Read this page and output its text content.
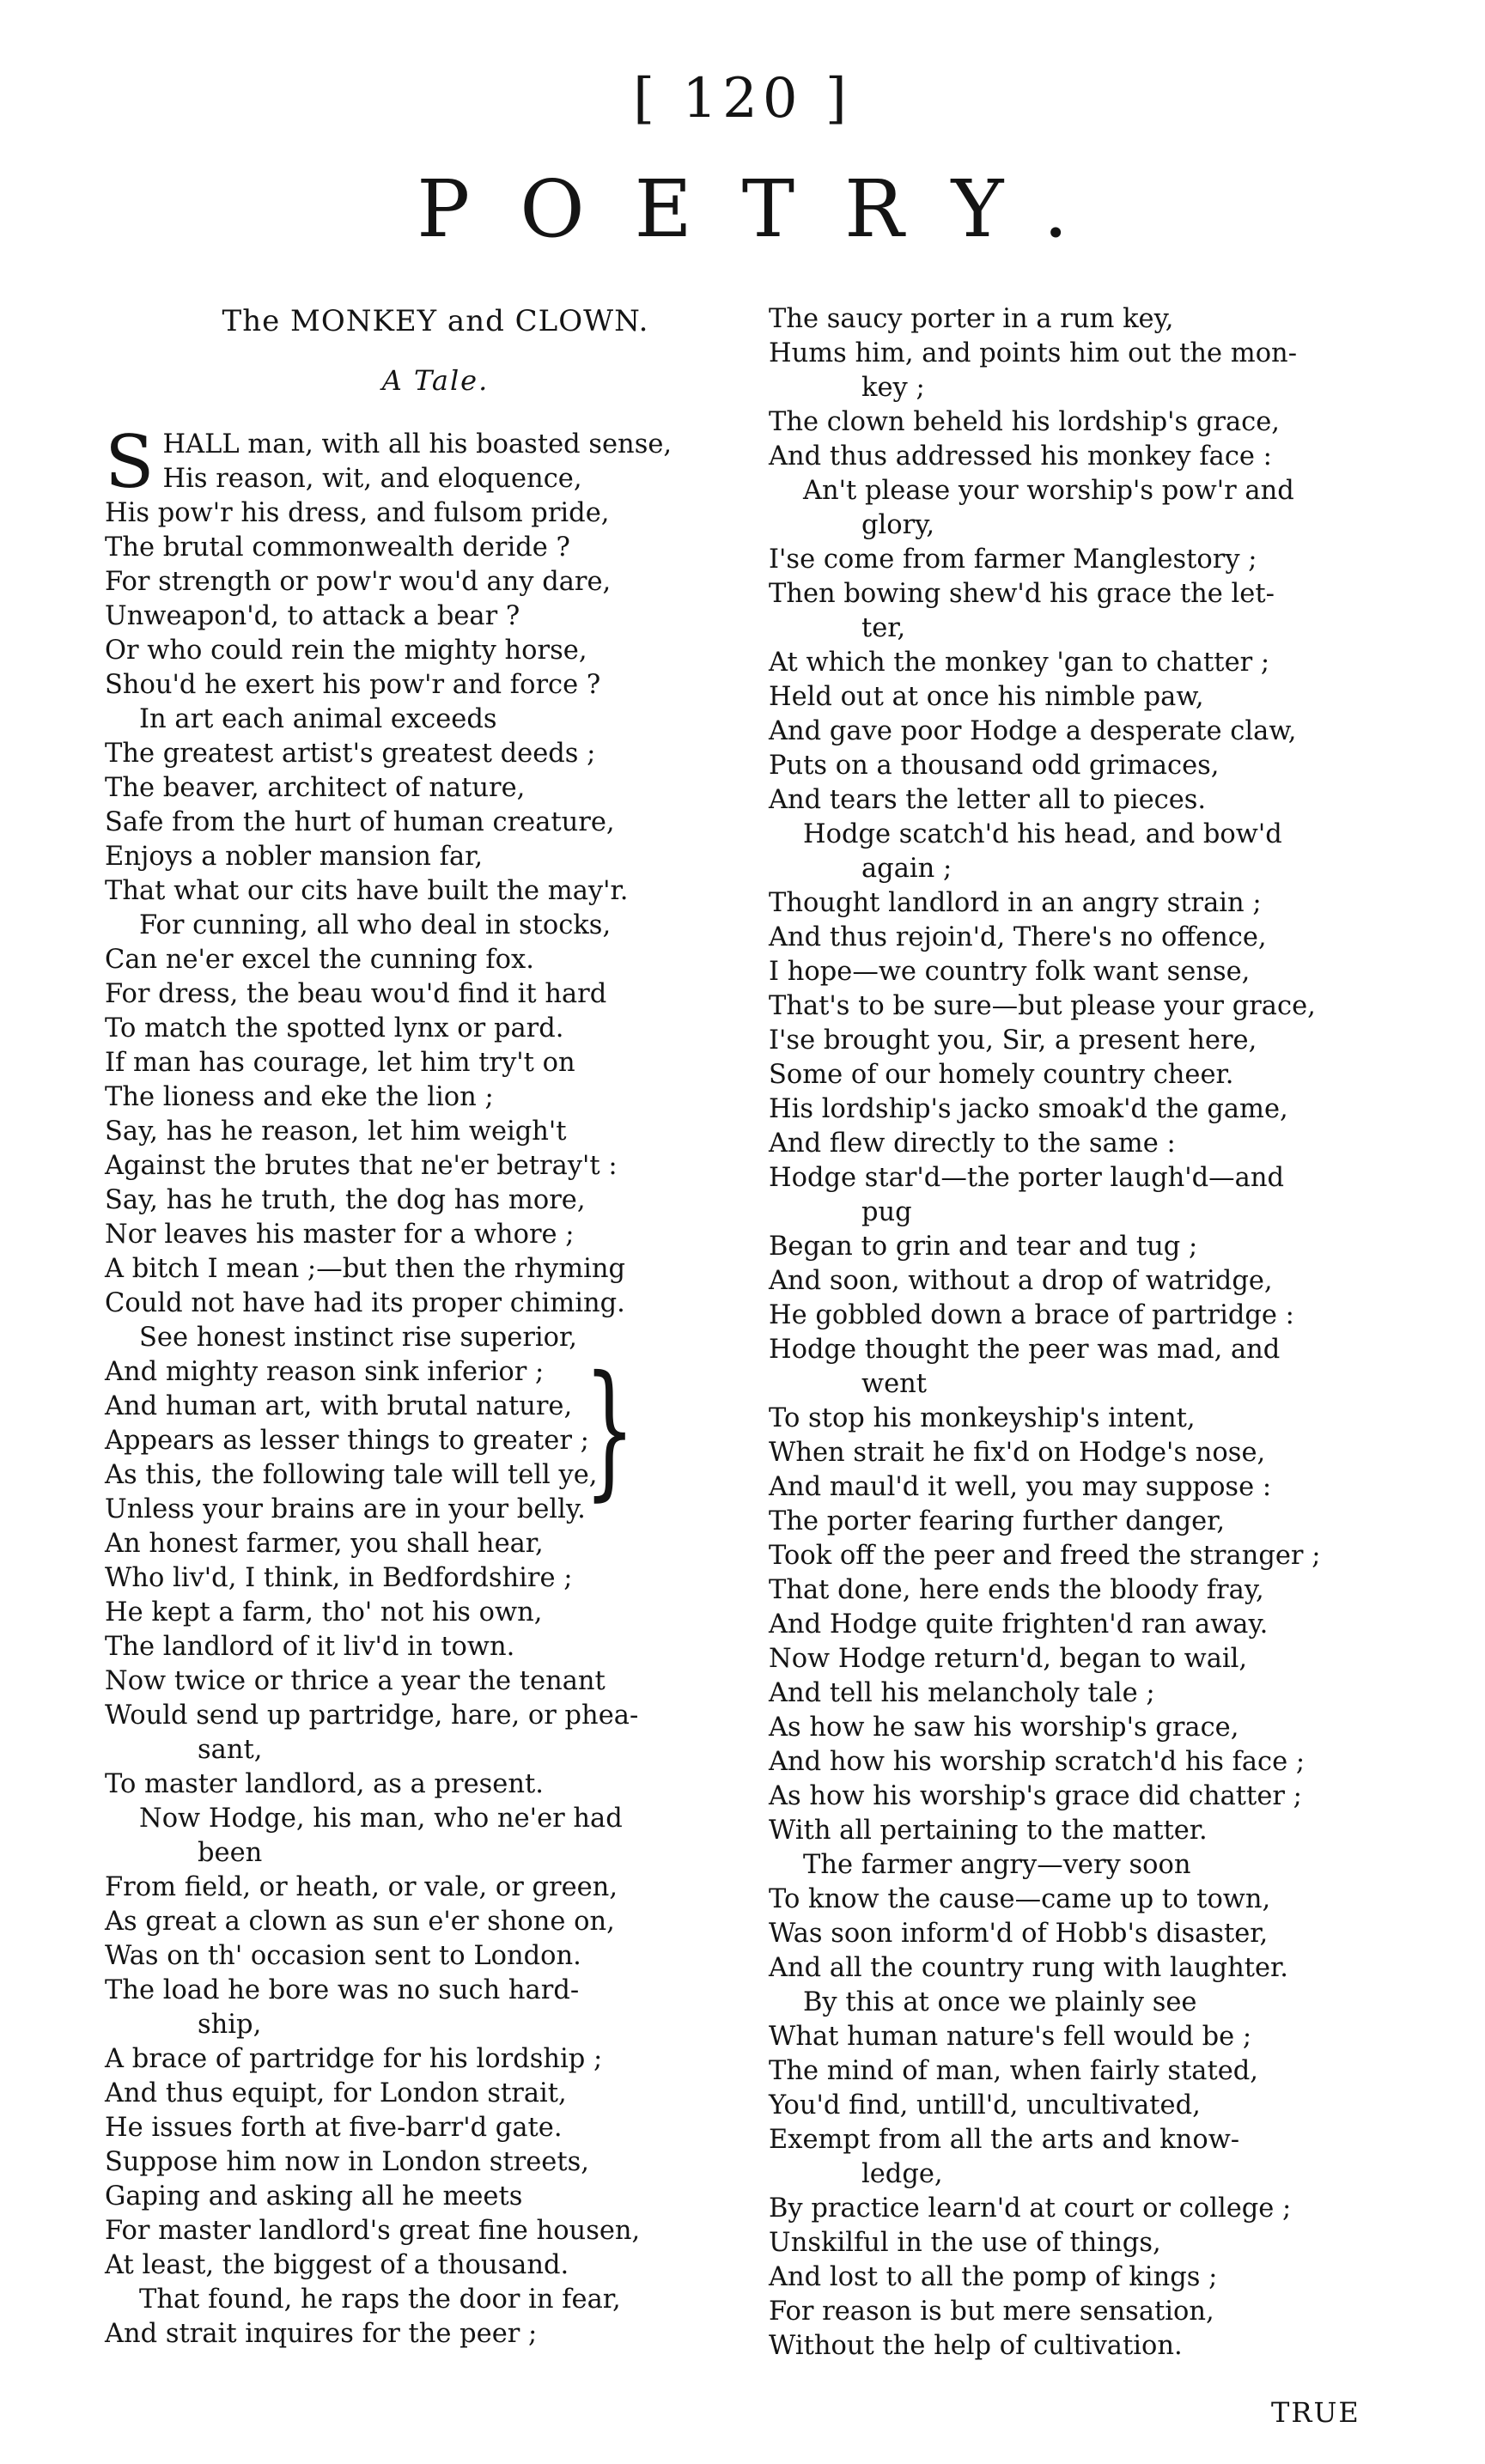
[ 120 ]
POETRY.
The MONKEY and CLOWN.
A Tale.
S HALL man, with all his boasted sense,
His reason, wit, and eloquence,
His pow'r his dress, and fulsom pride,
The brutal commonwealth deride ?
For strength or pow'r wou'd any dare,
Unweapon'd, to attack a bear ?
Or who could rein the mighty horse,
Shou'd he exert his pow'r and force ?
In art each animal exceeds
The greatest artist's greatest deeds ;
The beaver, architect of nature,
Safe from the hurt of human creature,
Enjoys a nobler mansion far,
That what our cits have built the may'r.
For cunning, all who deal in stocks,
Can ne'er excel the cunning fox.
For dress, the beau wou'd find it hard
To match the spotted lynx or pard.
If man has courage, let him try't on
The lioness and eke the lion ;
Say, has he reason, let him weigh't
Against the brutes that ne'er betray't :
Say, has he truth, the dog has more,
Nor leaves his master for a whore ;
A bitch I mean ;—but then the rhyming
Could not have had its proper chiming.
See honest instinct rise superior,
And mighty reason sink inferior ;
And human art, with brutal nature,
Appears as lesser things to greater ;
As this, the following tale will tell ye,
Unless your brains are in your belly.
An honest farmer, you shall hear,
Who liv'd, I think, in Bedfordshire ;
He kept a farm, tho' not his own,
The landlord of it liv'd in town.
Now twice or thrice a year the tenant
Would send up partridge, hare, or phea-
sant,
To master landlord, as a present.
Now Hodge, his man, who ne'er had
been
From field, or heath, or vale, or green,
As great a clown as sun e'er shone on,
Was on th' occasion sent to London.
The load he bore was no such hard-
ship,
A brace of partridge for his lordship ;
And thus equipt, for London strait,
He issues forth at five-barr'd gate.
Suppose him now in London streets,
Gaping and asking all he meets
For master landlord's great fine housen,
At least, the biggest of a thousand.
That found, he raps the door in fear,
And strait inquires for the peer ;
}
The saucy porter in a rum key,
Hums him, and points him out the mon-
key ;
The clown beheld his lordship's grace,
And thus addressed his monkey face :
An't please your worship's pow'r and
glory,
I'se come from farmer Manglestory ;
Then bowing shew'd his grace the let-
ter,
At which the monkey 'gan to chatter ;
Held out at once his nimble paw,
And gave poor Hodge a desperate claw,
Puts on a thousand odd grimaces,
And tears the letter all to pieces.
Hodge scatch'd his head, and bow'd
again ;
Thought landlord in an angry strain ;
And thus rejoin'd, There's no offence,
I hope—we country folk want sense,
That's to be sure—but please your grace,
I'se brought you, Sir, a present here,
Some of our homely country cheer.
His lordship's jacko smoak'd the game,
And flew directly to the same :
Hodge star'd—the porter laugh'd—and
pug
Began to grin and tear and tug ;
And soon, without a drop of watridge,
He gobbled down a brace of partridge :
Hodge thought the peer was mad, and
went
To stop his monkeyship's intent,
When strait he fix'd on Hodge's nose,
And maul'd it well, you may suppose :
The porter fearing further danger,
Took off the peer and freed the stranger ;
That done, here ends the bloody fray,
And Hodge quite frighten'd ran away.
Now Hodge return'd, began to wail,
And tell his melancholy tale ;
As how he saw his worship's grace,
And how his worship scratch'd his face ;
As how his worship's grace did chatter ;
With all pertaining to the matter.
The farmer angry—very soon
To know the cause—came up to town,
Was soon inform'd of Hobb's disaster,
And all the country rung with laughter.
By this at once we plainly see
What human nature's fell would be ;
The mind of man, when fairly stated,
You'd find, untill'd, uncultivated,
Exempt from all the arts and know-
ledge,
By practice learn'd at court or college ;
Unskilful in the use of things,
And lost to all the pomp of kings ;
For reason is but mere sensation,
Without the help of cultivation.
TRUE
